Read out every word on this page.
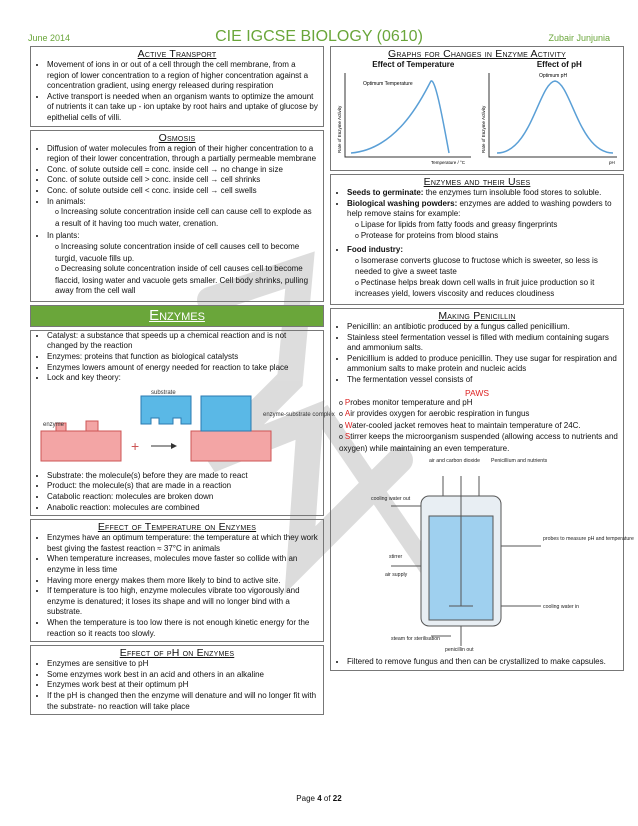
June 2014	CIE IGCSE BIOLOGY (0610)	Zubair Junjunia
Active Transport
• Movement of ions in or out of a cell through the cell membrane, from a region of lower concentration to a region of higher concentration against a concentration gradient, using energy released during respiration
• Active transport is needed when an organism wants to optimize the amount of nutrients it can take up - ion uptake by root hairs and uptake of glucose by epithelial cells of villi.
Osmosis
• Diffusion of water molecules from a region of their higher concentration to a region of their lower concentration, through a partially permeable membrane
• Conc. of solute outside cell = conc. inside cell → no change in size
• Conc. of solute outside cell > conc. inside cell → cell shrinks
• Conc. of solute outside cell < conc. inside cell → cell swells
• In animals:
o Increasing solute concentration inside cell can cause cell to explode as a result of it having too much water, crenation.
• In plants:
o Increasing solute concentration inside of cell causes cell to become turgid, vacuole fills up.
o Decreasing solute concentration inside of cell causes cell to become flaccid, losing water and vacuole gets smaller. Cell body shrinks, pulling away from the cell wall
Enzymes
• Catalyst: a substance that speeds up a chemical reaction and is not changed by the reaction
• Enzymes: proteins that function as biological catalysts
• Enzymes lowers amount of energy needed for reaction to take place
• Lock and key theory:
enzyme
substrate
enzyme-substrate complex
+
• Substrate: the molecule(s) before they are made to react
• Product: the molecule(s) that are made in a reaction
• Catabolic reaction: molecules are broken down
• Anabolic reaction: molecules are combined
Effect of Temperature on Enzymes
• Enzymes have an optimum temperature: the temperature at which they work best giving the fastest reaction ≈ 37°C in animals
• When temperature increases, molecules move faster so collide with an enzyme in less time
• Having more energy makes them more likely to bind to active site.
• If temperature is too high, enzyme molecules vibrate too vigorously and enzyme is denatured; it loses its shape and will no longer bind with a substrate.
• When the temperature is too low there is not enough kinetic energy for the reaction so it reacts too slowly.
Effect of pH on Enzymes
• Enzymes are sensitive to pH
• Some enzymes work best in an acid and others in an alkaline
• Enzymes work best at their optimum pH
• If the pH is changed then the enzyme will denature and will no longer fit with the substrate- no reaction will take place
Graphs for Changes in Enzyme Activity
Effect of Temperature	Effect of pH
Optimum Temperature
Optimum pH
Temperature / °C	pH
Rate of Enzyme Activity	Rate of Enzyme Activity
Enzymes and their Uses
• Seeds to germinate: the enzymes turn insoluble food stores to soluble.
• Biological washing powders: enzymes are added to washing powders to help remove stains for example:
o Lipase for lipids from fatty foods and greasy fingerprints
o Protease for proteins from blood stains
• Food industry:
o Isomerase converts glucose to fructose which is sweeter, so less is needed to give a sweet taste
o Pectinase helps break down cell walls in fruit juice production so it increases yield, lowers viscosity and reduces cloudiness
Making Penicillin
• Penicillin: an antibiotic produced by a fungus called penicillium.
• Stainless steel fermentation vessel is filled with medium containing sugars and ammonium salts.
• Penicillium is added to produce penicillin. They use sugar for respiration and ammonium salts to make protein and nucleic acids
• The fermentation vessel consists of
PAWS
o Probes monitor temperature and pH
o Air provides oxygen for aerobic respiration in fungus
o Water-cooled jacket removes heat to maintain temperature of 24C.
o Stirrer keeps the microorganism suspended (allowing access to nutrients and oxygen) while maintaining an even temperature.
air and carbon dioxide Penicillium and nutrients
cooling water out
stirrer
air supply
probes to measure pH and temperature
cooling water in
steam for sterilisation
penicillin out
• Filtered to remove fungus and then can be crystallized to make capsules.
Page 4 of 22
